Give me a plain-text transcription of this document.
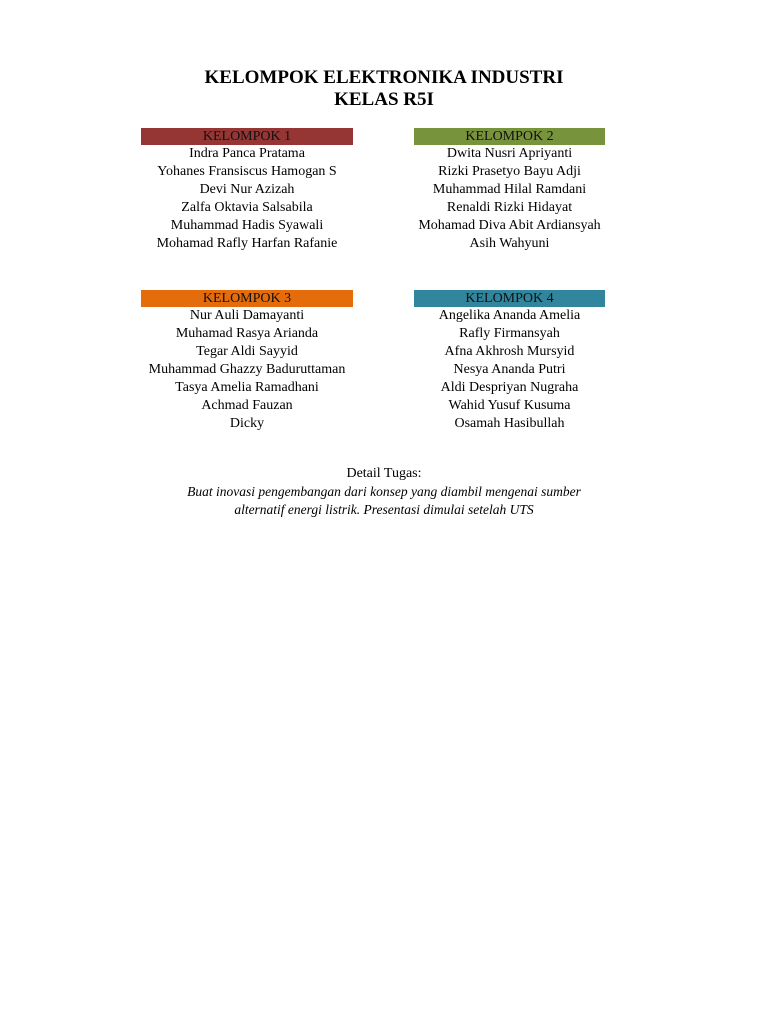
KELOMPOK ELEKTRONIKA INDUSTRI
KELAS R5I
KELOMPOK 1
Indra Panca Pratama
Yohanes Fransiscus Hamogan S
Devi Nur Azizah
Zalfa Oktavia Salsabila
Muhammad Hadis Syawali
Mohamad Rafly Harfan Rafanie
KELOMPOK 2
Dwita Nusri Apriyanti
Rizki Prasetyo Bayu Adji
Muhammad Hilal Ramdani
Renaldi Rizki Hidayat
Mohamad Diva Abit Ardiansyah
Asih Wahyuni
KELOMPOK 3
Nur Auli Damayanti
Muhamad Rasya Arianda
Tegar Aldi Sayyid
Muhammad Ghazzy Baduruttaman
Tasya Amelia Ramadhani
Achmad Fauzan
Dicky
KELOMPOK 4
Angelika Ananda Amelia
Rafly Firmansyah
Afna Akhrosh Mursyid
Nesya Ananda Putri
Aldi Despriyan Nugraha
Wahid Yusuf Kusuma
Osamah Hasibullah
Detail Tugas:
Buat inovasi pengembangan dari konsep yang diambil mengenai sumber
alternatif energi listrik. Presentasi dimulai setelah UTS
